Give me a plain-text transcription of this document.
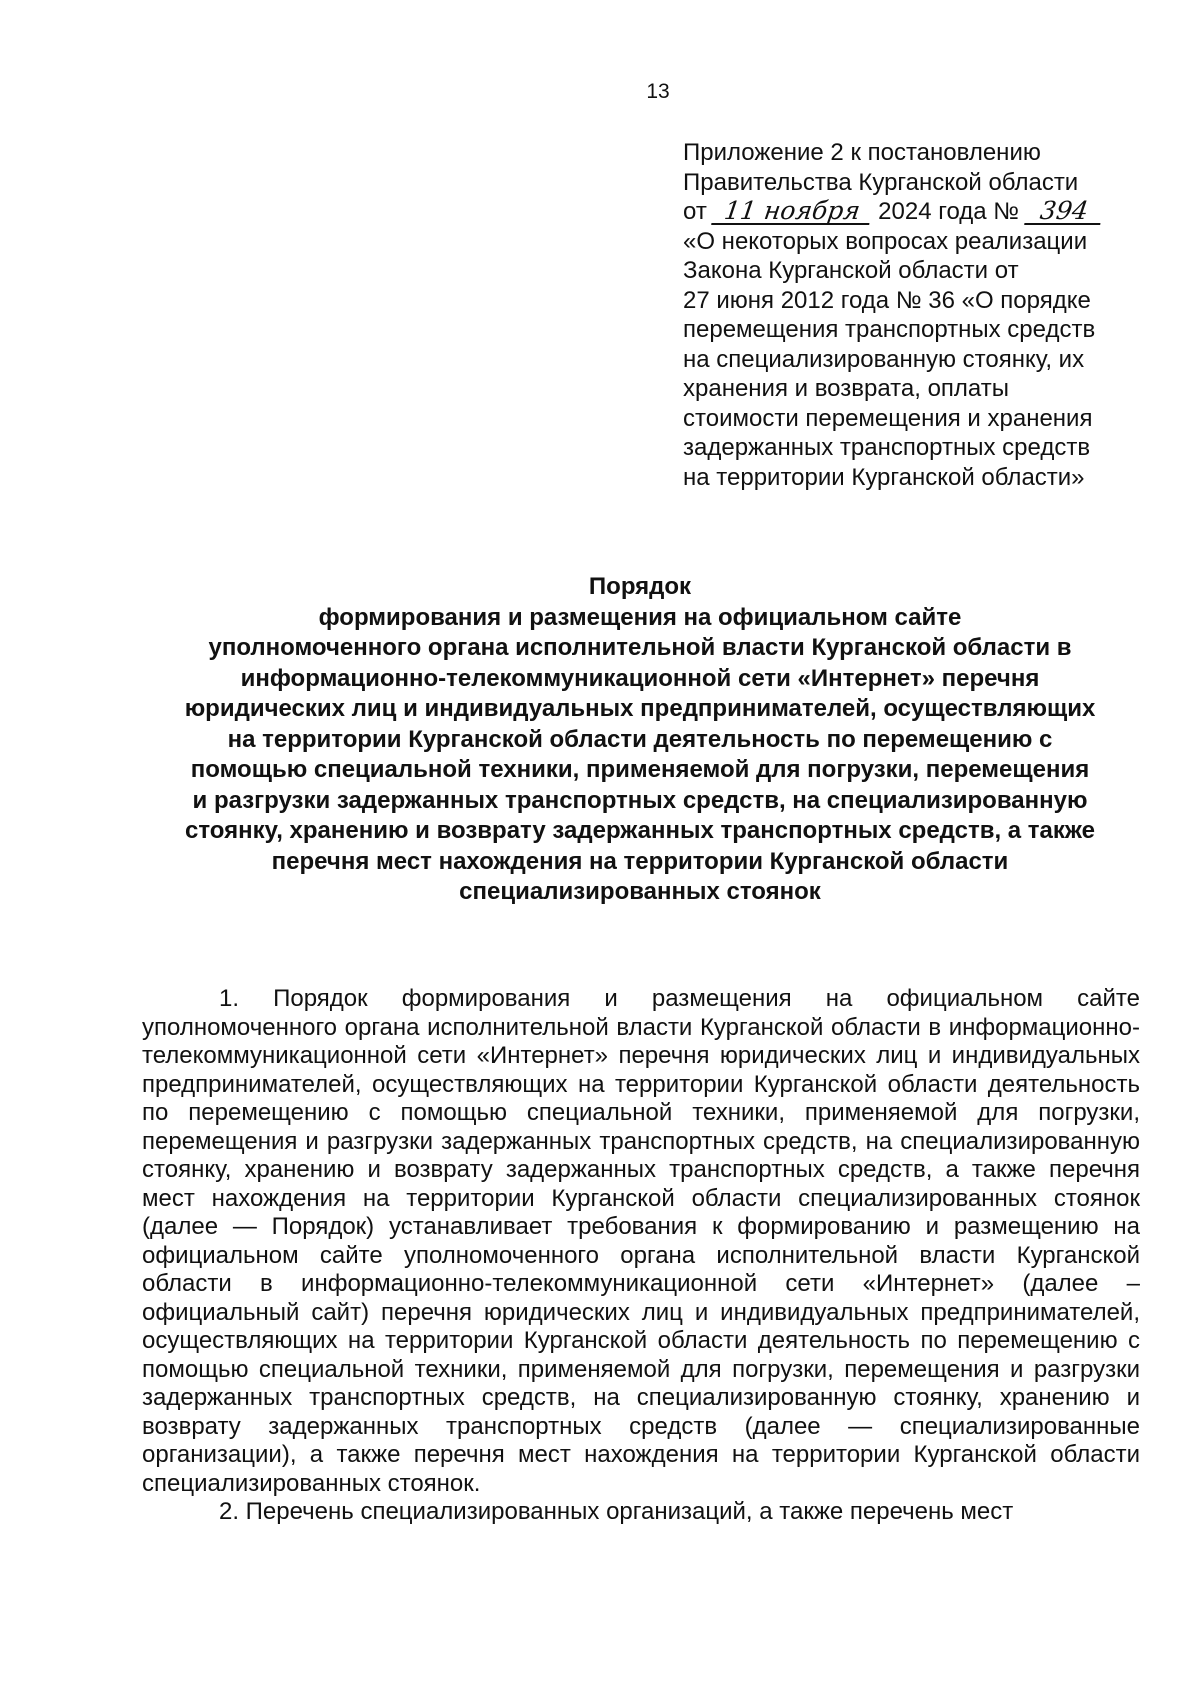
13
Приложение 2 к постановлению
Правительства Курганской области
от 11 ноября 2024 года № 394
«О некоторых вопросах реализации
Закона Курганской области от
27 июня 2012 года № 36 «О порядке
перемещения транспортных средств
на специализированную стоянку, их
хранения и возврата, оплаты
стоимости перемещения и хранения
задержанных транспортных средств
на территории Курганской области»
Порядок
формирования и размещения на официальном сайте
уполномоченного органа исполнительной власти Курганской области в
информационно-телекоммуникационной сети «Интернет» перечня
юридических лиц и индивидуальных предпринимателей, осуществляющих
на территории Курганской области деятельность по перемещению с
помощью специальной техники, применяемой для погрузки, перемещения
и разгрузки задержанных транспортных средств, на специализированную
стоянку, хранению и возврату задержанных транспортных средств, а также
перечня мест нахождения на территории Курганской области
специализированных стоянок

1. Порядок формирования и размещения на официальном сайте уполномоченного органа исполнительной власти Курганской области в информационно-телекоммуникационной сети «Интернет» перечня юридических лиц и индивидуальных предпринимателей, осуществляющих на территории Курганской области деятельность по перемещению с помощью специальной техники, применяемой для погрузки, перемещения и разгрузки задержанных транспортных средств, на специализированную стоянку, хранению и возврату задержанных транспортных средств, а также перечня мест нахождения на территории Курганской области специализированных стоянок (далее — Порядок) устанавливает требования к формированию и размещению на официальном сайте уполномоченного органа исполнительной власти Курганской области в информационно-телекоммуникационной сети «Интернет» (далее – официальный сайт) перечня юридических лиц и индивидуальных предпринимателей, осуществляющих на территории Курганской области деятельность по перемещению с помощью специальной техники, применяемой для погрузки, перемещения и разгрузки задержанных транспортных средств, на специализированную стоянку, хранению и возврату задержанных транспортных средств (далее — специализированные организации), а также перечня мест нахождения на территории Курганской области специализированных стоянок.

2. Перечень специализированных организаций, а также перечень мест
